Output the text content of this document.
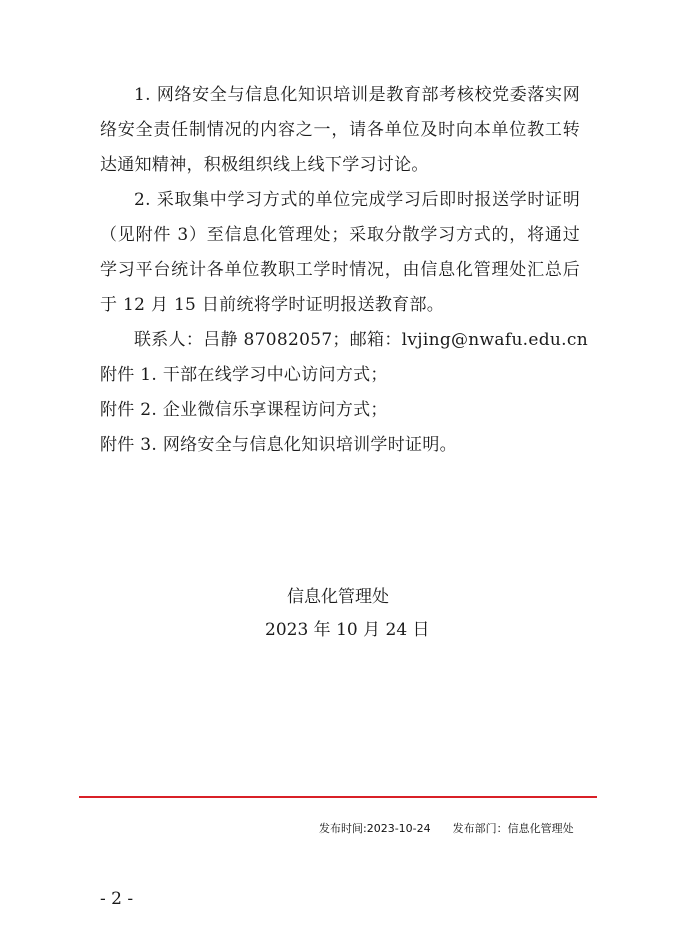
1. 网络安全与信息化知识培训是教育部考核校党委落实网络安全责任制情况的内容之一，请各单位及时向本单位教工转达通知精神，积极组织线上线下学习讨论。

2. 采取集中学习方式的单位完成学习后即时报送学时证明（见附件 3）至信息化管理处；采取分散学习方式的，将通过学习平台统计各单位教职工学时情况，由信息化管理处汇总后于 12 月 15 日前统将学时证明报送教育部。

联系人：吕静 87082057；邮箱：lvjing@nwafu.edu.cn

附件 1. 干部在线学习中心访问方式；

附件 2. 企业微信乐享课程访问方式；

附件 3. 网络安全与信息化知识培训学时证明。

信息化管理处
2023 年 10 月 24 日
发布时间:2023-10-24 发布部门：信息化管理处
- 2 -
